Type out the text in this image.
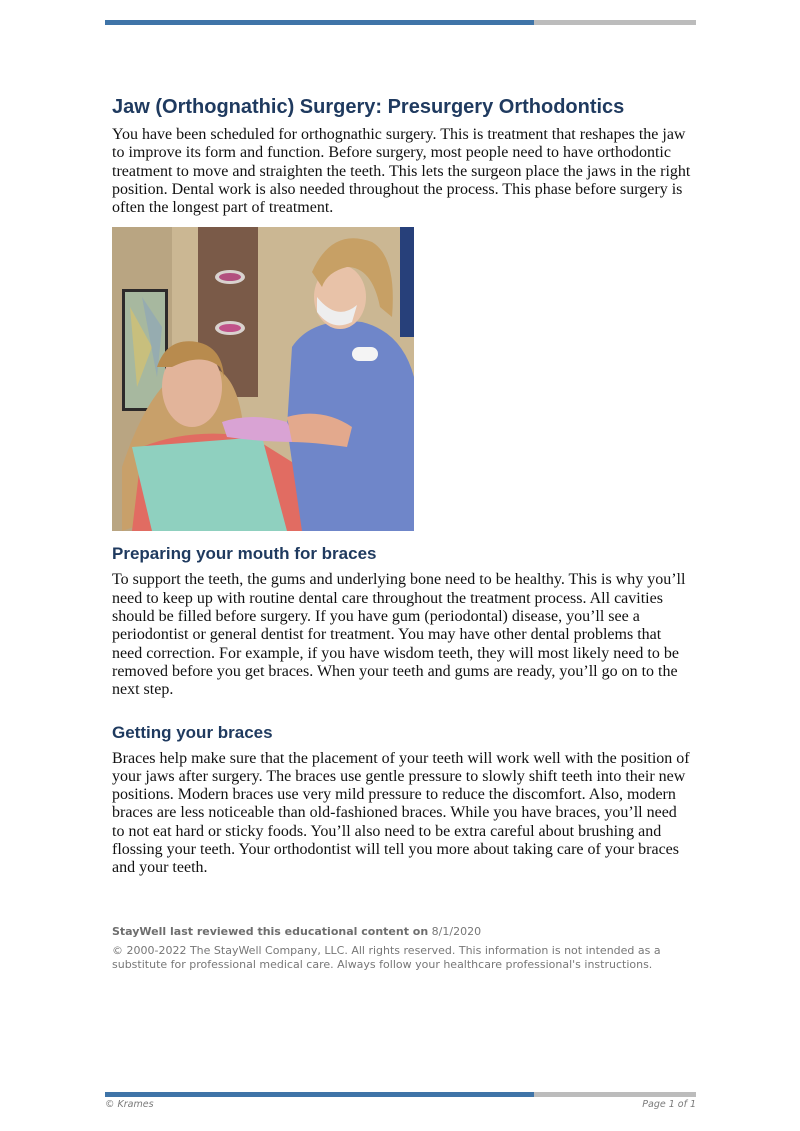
Jaw (Orthognathic) Surgery: Presurgery Orthodontics

You have been scheduled for orthognathic surgery. This is treatment that reshapes the jaw to improve its form and function. Before surgery, most people need to have orthodontic treatment to move and straighten the teeth. This lets the surgeon place the jaws in the right position. Dental work is also needed throughout the process. This phase before surgery is often the longest part of treatment.

Preparing your mouth for braces

To support the teeth, the gums and underlying bone need to be healthy. This is why you’ll need to keep up with routine dental care throughout the treatment process. All cavities should be filled before surgery. If you have gum (periodontal) disease, you’ll see a periodontist or general dentist for treatment. You may have other dental problems that need correction. For example, if you have wisdom teeth, they will most likely need to be removed before you get braces. When your teeth and gums are ready, you’ll go on to the next step.

Getting your braces

Braces help make sure that the placement of your teeth will work well with the position of your jaws after surgery. The braces use gentle pressure to slowly shift teeth into their new positions. Modern braces use very mild pressure to reduce the discomfort. Also, modern braces are less noticeable than old-fashioned braces. While you have braces, you’ll need to not eat hard or sticky foods. You’ll also need to be extra careful about brushing and flossing your teeth. Your orthodontist will tell you more about taking care of your braces and your teeth.

StayWell last reviewed this educational content on 8/1/2020
© 2000-2022 The StayWell Company, LLC. All rights reserved. This information is not intended as a substitute for professional medical care. Always follow your healthcare professional's instructions.
© Krames	Page 1 of 1
